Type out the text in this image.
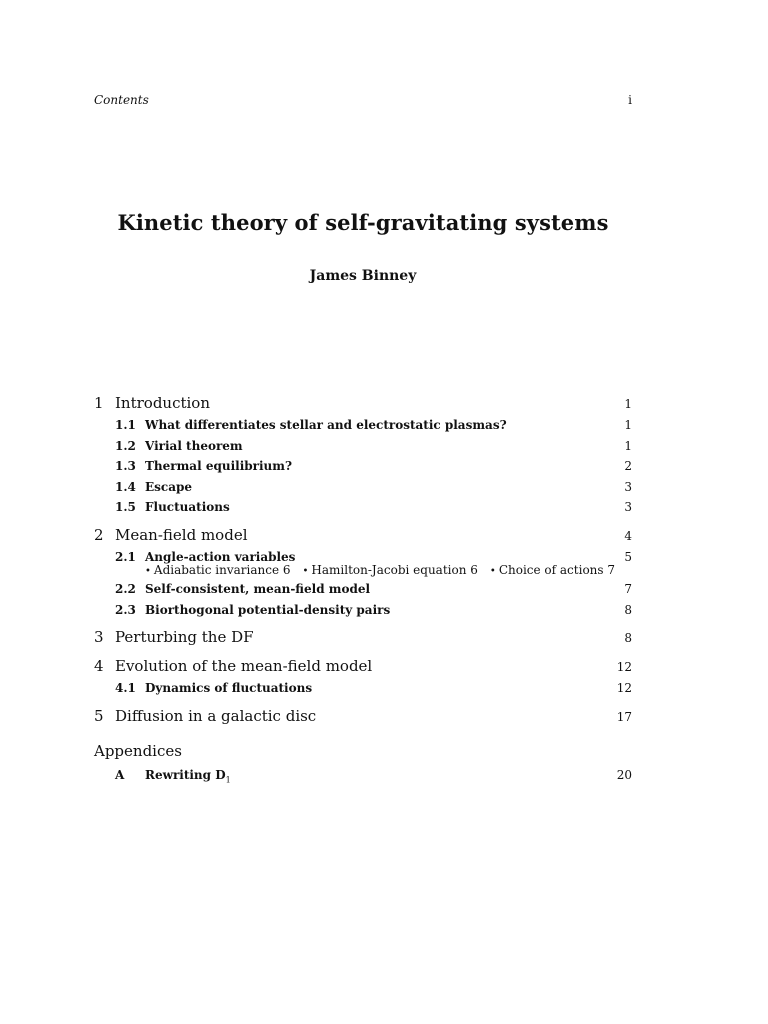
Contents	i
Kinetic theory of self-gravitating systems
James Binney
1 Introduction	1
1.1 What differentiates stellar and electrostatic plasmas?	1
1.2 Virial theorem	1
1.3 Thermal equilibrium?	2
1.4 Escape	3
1.5 Fluctuations	3
2 Mean-field model	4
2.1 Angle-action variables	5
• Adiabatic invariance 6 • Hamilton-Jacobi equation 6 • Choice of actions 7
2.2 Self-consistent, mean-field model	7
2.3 Biorthogonal potential-density pairs	8
3 Perturbing the DF	8
4 Evolution of the mean-field model	12
4.1 Dynamics of fluctuations	12
5 Diffusion in a galactic disc	17
Appendices
A	Rewriting $D_1$	20
